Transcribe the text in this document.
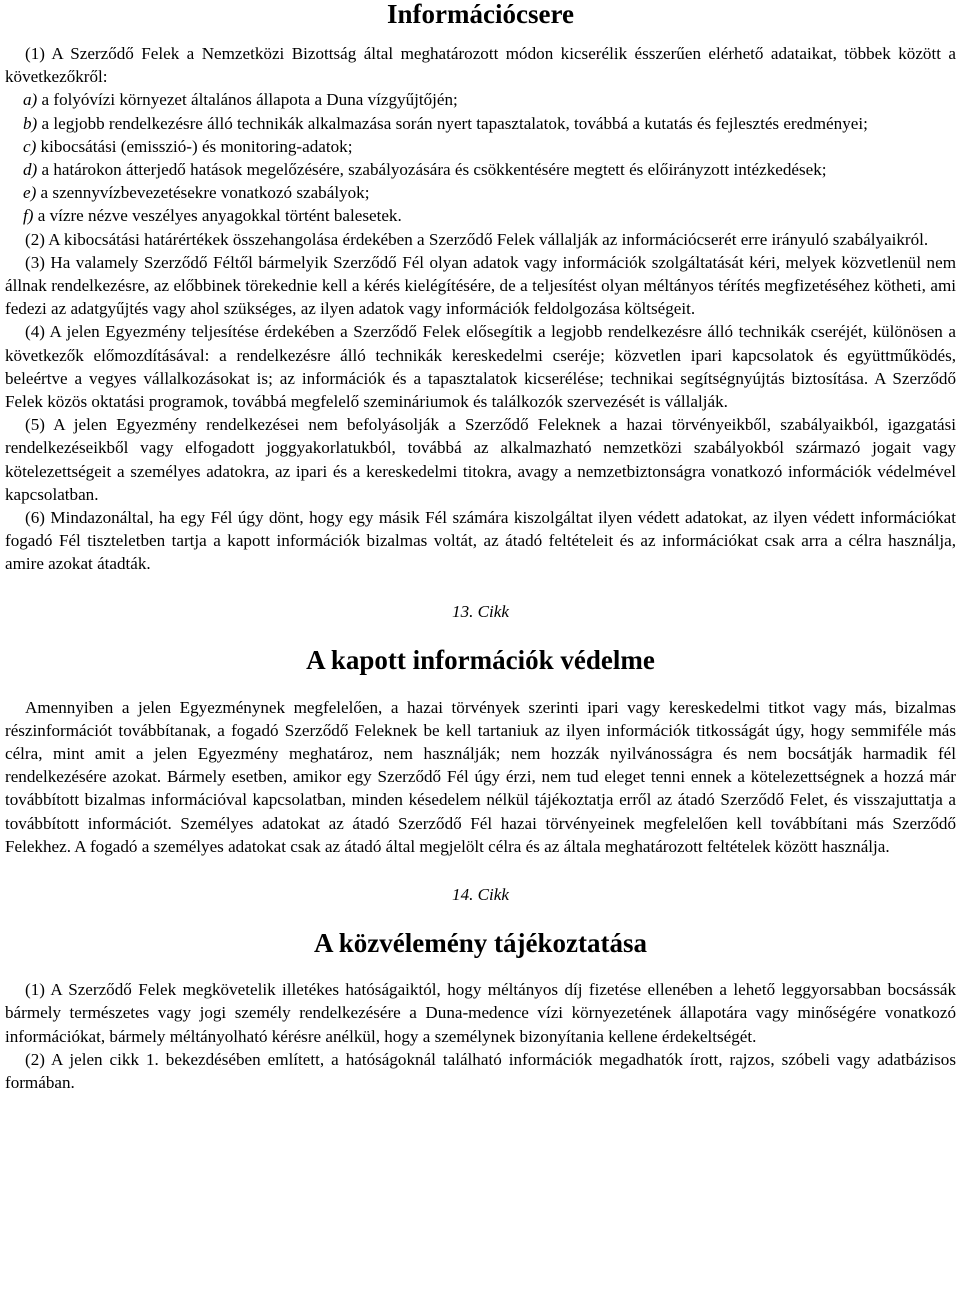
Információcsere

(1) A Szerződő Felek a Nemzetközi Bizottság által meghatározott módon kicserélik ésszerűen elérhető adataikat, többek között a következőkről:

a) a folyóvízi környezet általános állapota a Duna vízgyűjtőjén;

b) a legjobb rendelkezésre álló technikák alkalmazása során nyert tapasztalatok, továbbá a kutatás és fejlesztés eredményei;

c) kibocsátási (emisszió-) és monitoring-adatok;

d) a határokon átterjedő hatások megelőzésére, szabályozására és csökkentésére megtett és előirányzott intézkedések;

e) a szennyvízbevezetésekre vonatkozó szabályok;

f) a vízre nézve veszélyes anyagokkal történt balesetek.

(2) A kibocsátási határértékek összehangolása érdekében a Szerződő Felek vállalják az információcserét erre irányuló szabályaikról.

(3) Ha valamely Szerződő Féltől bármelyik Szerződő Fél olyan adatok vagy információk szolgáltatását kéri, melyek közvetlenül nem állnak rendelkezésre, az előbbinek törekednie kell a kérés kielégítésére, de a teljesítést olyan méltányos térítés megfizetéséhez kötheti, ami fedezi az adatgyűjtés vagy ahol szükséges, az ilyen adatok vagy információk feldolgozása költségeit.

(4) A jelen Egyezmény teljesítése érdekében a Szerződő Felek elősegítik a legjobb rendelkezésre álló technikák cseréjét, különösen a következők előmozdításával: a rendelkezésre álló technikák kereskedelmi cseréje; közvetlen ipari kapcsolatok és együttműködés, beleértve a vegyes vállalkozásokat is; az információk és a tapasztalatok kicserélése; technikai segítségnyújtás biztosítása. A Szerződő Felek közös oktatási programok, továbbá megfelelő szemináriumok és találkozók szervezését is vállalják.

(5) A jelen Egyezmény rendelkezései nem befolyásolják a Szerződő Feleknek a hazai törvényeikből, szabályaikból, igazgatási rendelkezéseikből vagy elfogadott joggyakorlatukból, továbbá az alkalmazható nemzetközi szabályokból származó jogait vagy kötelezettségeit a személyes adatokra, az ipari és a kereskedelmi titokra, avagy a nemzetbiztonságra vonatkozó információk védelmével kapcsolatban.

(6) Mindazonáltal, ha egy Fél úgy dönt, hogy egy másik Fél számára kiszolgáltat ilyen védett adatokat, az ilyen védett információkat fogadó Fél tiszteletben tartja a kapott információk bizalmas voltát, az átadó feltételeit és az információkat csak arra a célra használja, amire azokat átadták.

13. Cikk

A kapott információk védelme

Amennyiben a jelen Egyezménynek megfelelően, a hazai törvények szerinti ipari vagy kereskedelmi titkot vagy más, bizalmas részinformációt továbbítanak, a fogadó Szerződő Feleknek be kell tartaniuk az ilyen információk titkosságát úgy, hogy semmiféle más célra, mint amit a jelen Egyezmény meghatároz, nem használják; nem hozzák nyilvánosságra és nem bocsátják harmadik fél rendelkezésére azokat. Bármely esetben, amikor egy Szerződő Fél úgy érzi, nem tud eleget tenni ennek a kötelezettségnek a hozzá már továbbított bizalmas információval kapcsolatban, minden késedelem nélkül tájékoztatja erről az átadó Szerződő Felet, és visszajuttatja a továbbított információt. Személyes adatokat az átadó Szerződő Fél hazai törvényeinek megfelelően kell továbbítani más Szerződő Felekhez. A fogadó a személyes adatokat csak az átadó által megjelölt célra és az általa meghatározott feltételek között használja.

14. Cikk

A közvélemény tájékoztatása

(1) A Szerződő Felek megkövetelik illetékes hatóságaiktól, hogy méltányos díj fizetése ellenében a lehető leggyorsabban bocsássák bármely természetes vagy jogi személy rendelkezésére a Duna-medence vízi környezetének állapotára vagy minőségére vonatkozó információkat, bármely méltányolható kérésre anélkül, hogy a személynek bizonyítania kellene érdekeltségét.

(2) A jelen cikk 1. bekezdésében említett, a hatóságoknál található információk megadhatók írott, rajzos, szóbeli vagy adatbázisos formában.
